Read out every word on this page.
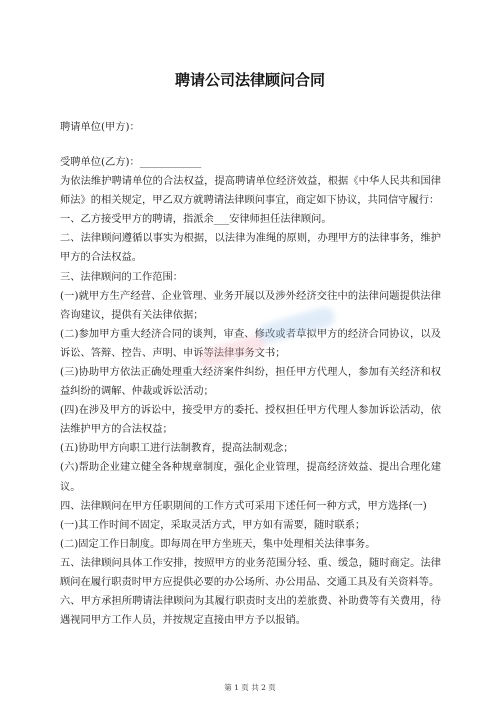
聘请公司法律顾问合同

聘请单位(甲方)：

受聘单位(乙方)：____________

为依法维护聘请单位的合法权益，提高聘请单位经济效益，根据《中华人民共和国律师法》的相关规定，甲乙双方就聘请法律顾问事宜，商定如下协议，共同信守履行：

一、乙方接受甲方的聘请，指派余___安律师担任法律顾问。

二、法律顾问遵循以事实为根据，以法律为准绳的原则，办理甲方的法律事务，维护甲方的合法权益。

三、法律顾问的工作范围：

(一)就甲方生产经营、企业管理、业务开展以及涉外经济交往中的法律问题提供法律咨询建议，提供有关法律依据；

(二)参加甲方重大经济合同的谈判，审查、修改或者草拟甲方的经济合同协议，以及诉讼、答辩、控告、声明、申诉等法律事务文书；

(三)协助甲方依法正确处理重大经济案件纠纷，担任甲方代理人，参加有关经济和权益纠纷的调解、仲裁或诉讼活动；

(四)在涉及甲方的诉讼中，接受甲方的委托、授权担任甲方代理人参加诉讼活动，依法维护甲方的合法权益；

(五)协助甲方向职工进行法制教育，提高法制观念；

(六)帮助企业建立健全各种规章制度，强化企业管理，提高经济效益、提出合理化建议。

四、法律顾问在甲方任职期间的工作方式可采用下述任何一种方式，甲方选择(一)

(一)其工作时间不固定，采取灵活方式，甲方如有需要，随时联系；

(二)固定工作日制度。即每周在甲方坐班天，集中处理相关法律事务。

五、法律顾问具体工作安排，按照甲方的业务范围分轻、重、缓急，随时商定。法律顾问在履行职责时甲方应提供必要的办公场所、办公用品、交通工具及有关资料等。

六、甲方承担所聘请法律顾问为其履行职责时支出的差旅费、补助费等有关费用，待遇视同甲方工作人员，并按规定直接由甲方予以报销。

第 1 页 共 2 页
